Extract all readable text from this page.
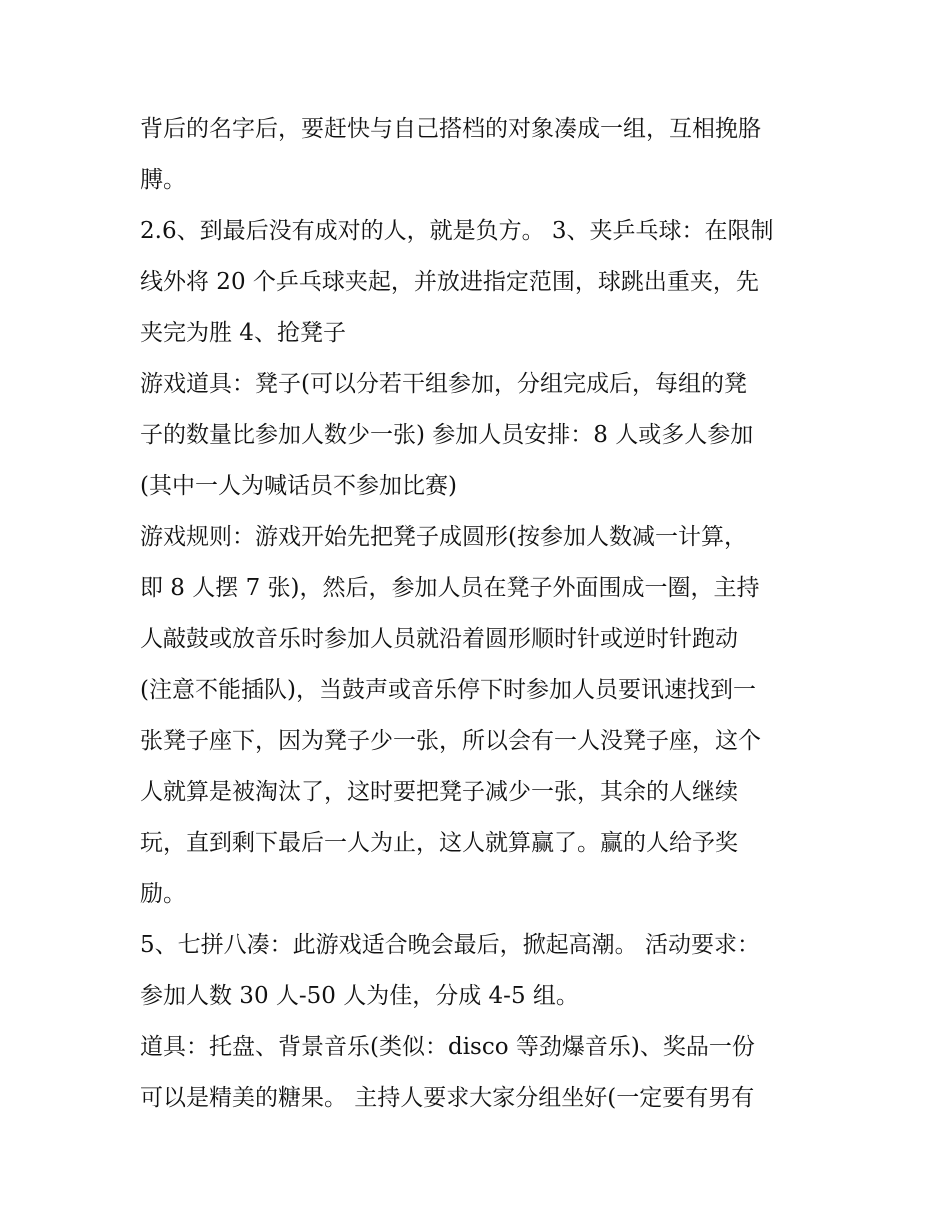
背后的名字后，要赶快与自己搭档的对象凑成一组，互相挽胳
膊。
2.6、到最后没有成对的人，就是负方。 3、夹乒乓球：在限制
线外将 20 个乒乓球夹起，并放进指定范围，球跳出重夹，先
夹完为胜 4、抢凳子
游戏道具：凳子(可以分若干组参加，分组完成后，每组的凳
子的数量比参加人数少一张) 参加人员安排：8 人或多人参加
(其中一人为喊话员不参加比赛)
游戏规则：游戏开始先把凳子成圆形(按参加人数减一计算，
即 8 人摆 7 张)，然后，参加人员在凳子外面围成一圈，主持
人敲鼓或放音乐时参加人员就沿着圆形顺时针或逆时针跑动
(注意不能插队)，当鼓声或音乐停下时参加人员要讯速找到一
张凳子座下，因为凳子少一张，所以会有一人没凳子座，这个
人就算是被淘汰了，这时要把凳子减少一张，其余的人继续
玩，直到剩下最后一人为止，这人就算赢了。赢的人给予奖
励。
5、七拼八凑：此游戏适合晚会最后，掀起高潮。 活动要求：
参加人数 30 人-50 人为佳，分成 4-5 组。
道具：托盘、背景音乐(类似：disco 等劲爆音乐)、奖品一份
可以是精美的糖果。 主持人要求大家分组坐好(一定要有男有
